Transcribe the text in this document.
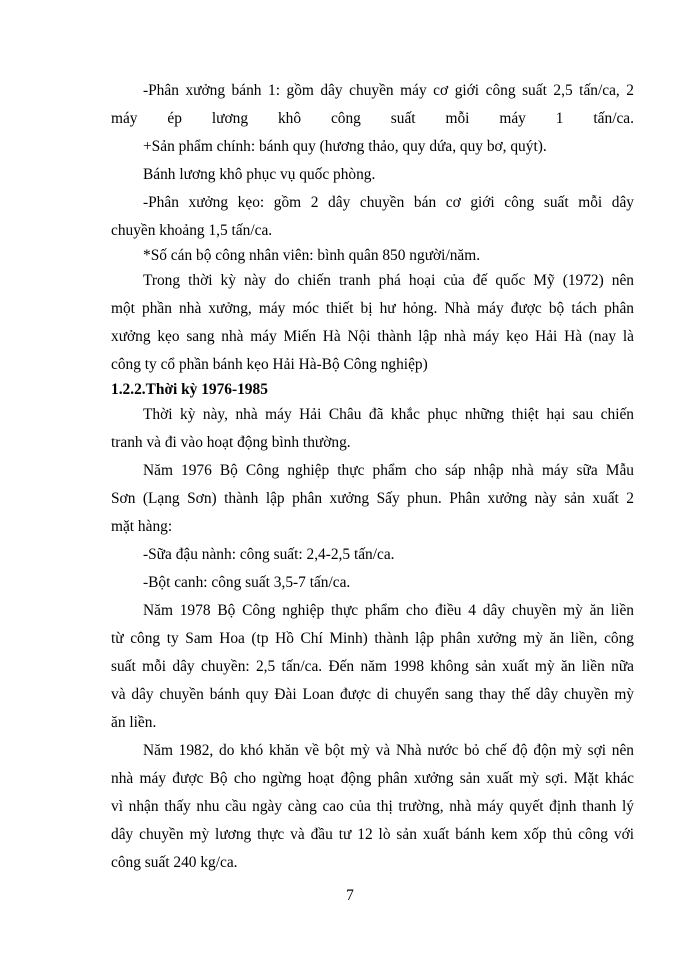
-Phân xưởng bánh 1: gồm dây chuyền máy cơ giới công suất 2,5 tấn/ca, 2
máy ép lương khô công suất mỗi máy 1 tấn/ca.
+Sản phẩm chính: bánh quy (hương thảo, quy dứa, quy bơ, quýt).
Bánh lương khô phục vụ quốc phòng.
-Phân xưởng kẹo: gồm 2 dây chuyền bán cơ giới công suất mỗi dây
chuyền khoảng 1,5 tấn/ca.
*Số cán bộ công nhân viên: bình quân 850 người/năm.
Trong thời kỳ này do chiến tranh phá hoại của đế quốc Mỹ (1972) nên
một phần nhà xưởng, máy móc thiết bị hư hỏng. Nhà máy được bộ tách phân
xưởng kẹo sang nhà máy Miến Hà Nội thành lập nhà máy kẹo Hải Hà (nay là
công ty cổ phần bánh kẹo Hải Hà-Bộ Công nghiệp)
1.2.2.Thời kỳ 1976-1985
Thời kỳ này, nhà máy Hải Châu đã khắc phục những thiệt hại sau chiến
tranh và đi vào hoạt động bình thường.
Năm 1976 Bộ Công nghiệp thực phẩm cho sáp nhập nhà máy sữa Mẫu
Sơn (Lạng Sơn) thành lập phân xưởng Sấy phun. Phân xưởng này sản xuất 2
mặt hàng:
-Sữa đậu nành: công suất: 2,4-2,5 tấn/ca.
-Bột canh: công suất 3,5-7 tấn/ca.
Năm 1978 Bộ Công nghiệp thực phẩm cho điều 4 dây chuyền mỳ ăn liền
từ công ty Sam Hoa (tp Hồ Chí Minh) thành lập phân xưởng mỳ ăn liền, công
suất mỗi dây chuyền: 2,5 tấn/ca. Đến năm 1998 không sản xuất mỳ ăn liền nữa
và dây chuyền bánh quy Đài Loan được di chuyển sang thay thế dây chuyền mỳ
ăn liền.
Năm 1982, do khó khăn về bột mỳ và Nhà nước bỏ chế độ độn mỳ sợi nên
nhà máy được Bộ cho ngừng hoạt động phân xưởng sản xuất mỳ sợi. Mặt khác
vì nhận thấy nhu cầu ngày càng cao của thị trường, nhà máy quyết định thanh lý
dây chuyền mỳ lương thực và đầu tư 12 lò sản xuất bánh kem xốp thủ công với
công suất 240 kg/ca.
7
